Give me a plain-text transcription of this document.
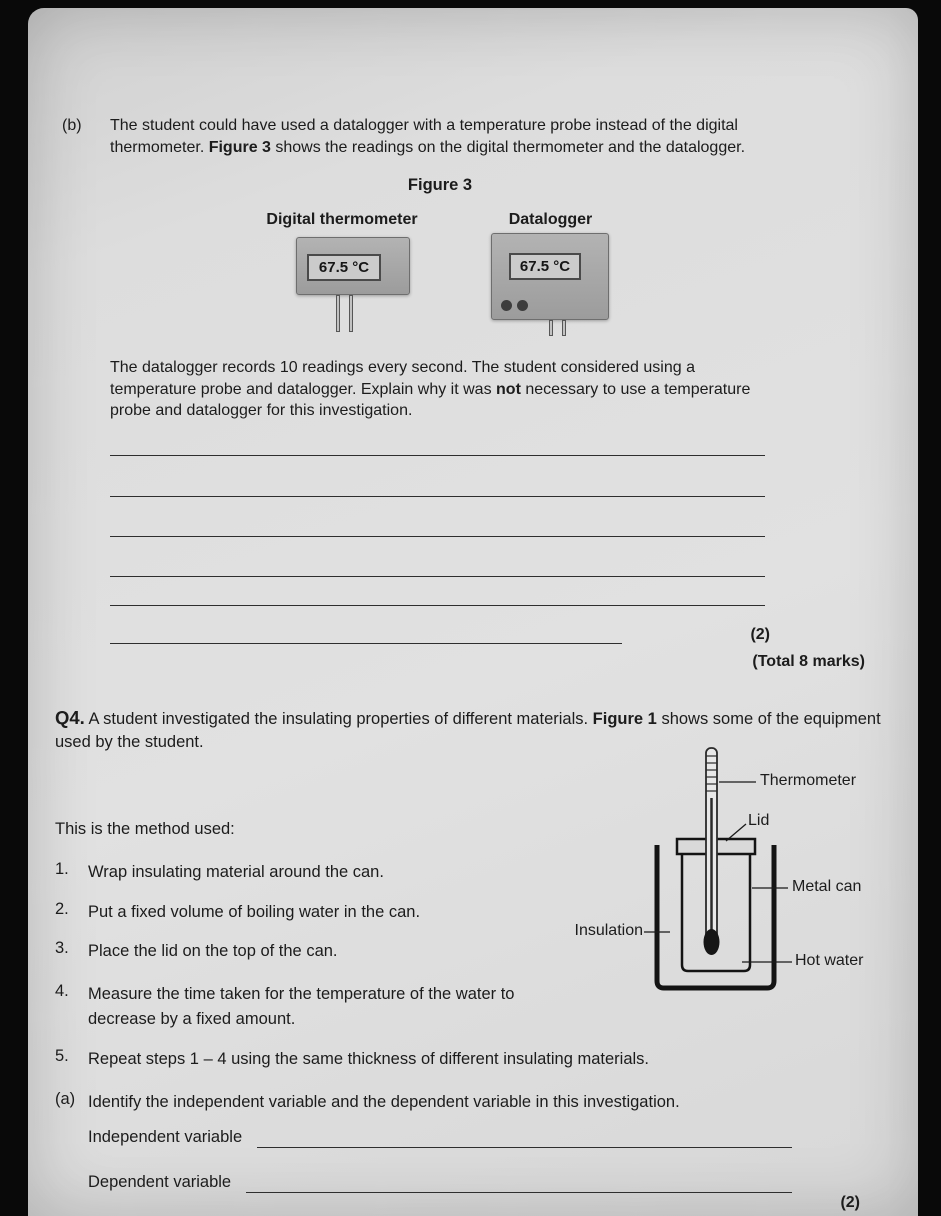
(b) The student could have used a datalogger with a temperature probe instead of the digital thermometer. Figure 3 shows the readings on the digital thermometer and the datalogger.
Figure 3
Digital thermometer
67.5 °C
Datalogger
67.5 °C
The datalogger records 10 readings every second. The student considered using a temperature probe and datalogger. Explain why it was not necessary to use a temperature probe and datalogger for this investigation.
(2)
(Total 8 marks)
Q4. A student investigated the insulating properties of different materials. Figure 1 shows some of the equipment used by the student.
Thermometer
Lid
Metal can
Insulation
Hot water
This is the method used:
1. Wrap insulating material around the can.
2. Put a fixed volume of boiling water in the can.
3. Place the lid on the top of the can.
4. Measure the time taken for the temperature of the water to decrease by a fixed amount.
5. Repeat steps 1 – 4 using the same thickness of different insulating materials.
(a) Identify the independent variable and the dependent variable in this investigation.
Independent variable
Dependent variable
(2)
